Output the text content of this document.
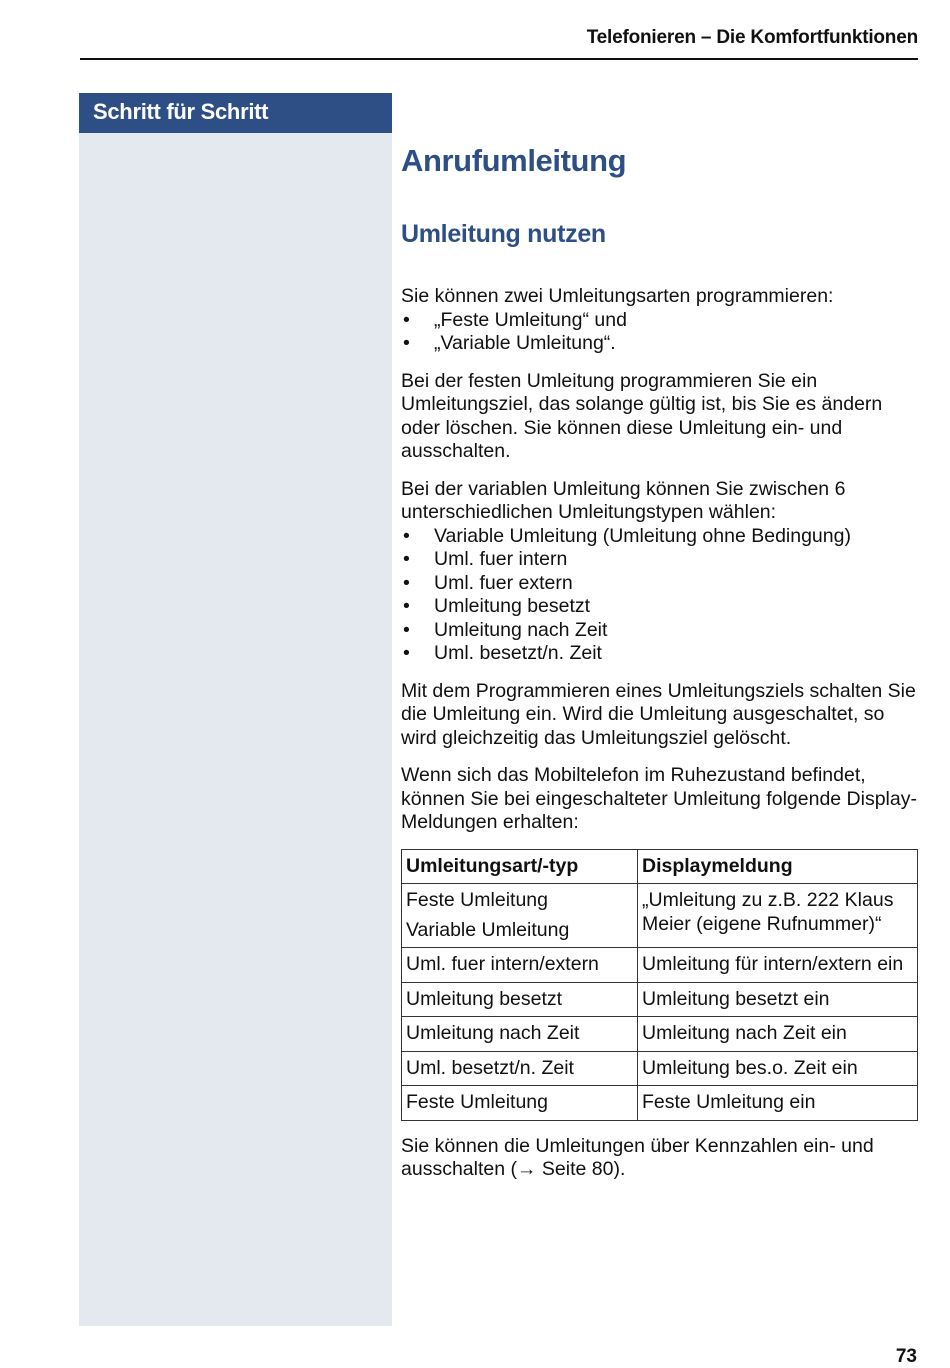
Telefonieren – Die Komfortfunktionen
Schritt für Schritt
Anrufumleitung
Umleitung nutzen

Sie können zwei Umleitungsarten programmieren:

• „Feste Umleitung“ und
• „Variable Umleitung“.

Bei der festen Umleitung programmieren Sie ein Umleitungsziel, das solange gültig ist, bis Sie es ändern oder löschen. Sie können diese Umleitung ein- und ausschalten.

Bei der variablen Umleitung können Sie zwischen 6 unterschiedlichen Umleitungstypen wählen:

• Variable Umleitung (Umleitung ohne Bedingung)
• Uml. fuer intern
• Uml. fuer extern
• Umleitung besetzt
• Umleitung nach Zeit
• Uml. besetzt/n. Zeit

Mit dem Programmieren eines Umleitungsziels schalten Sie die Umleitung ein. Wird die Umleitung ausgeschaltet, so wird gleichzeitig das Umleitungsziel gelöscht.

Wenn sich das Mobiltelefon im Ruhezustand befindet, können Sie bei eingeschalteter Umleitung folgende Display-Meldungen erhalten:

Umleitungsart/-typ	Displaymeldung
Feste Umleitung
Variable Umleitung	„Umleitung zu z.B. 222 Klaus Meier (eigene Rufnummer)“
Uml. fuer intern/extern	Umleitung für intern/extern ein
Umleitung besetzt	Umleitung besetzt ein
Umleitung nach Zeit	Umleitung nach Zeit ein
Uml. besetzt/n. Zeit	Umleitung bes.o. Zeit ein
Feste Umleitung	Feste Umleitung ein

Sie können die Umleitungen über Kennzahlen ein- und ausschalten (→ Seite 80).

73
